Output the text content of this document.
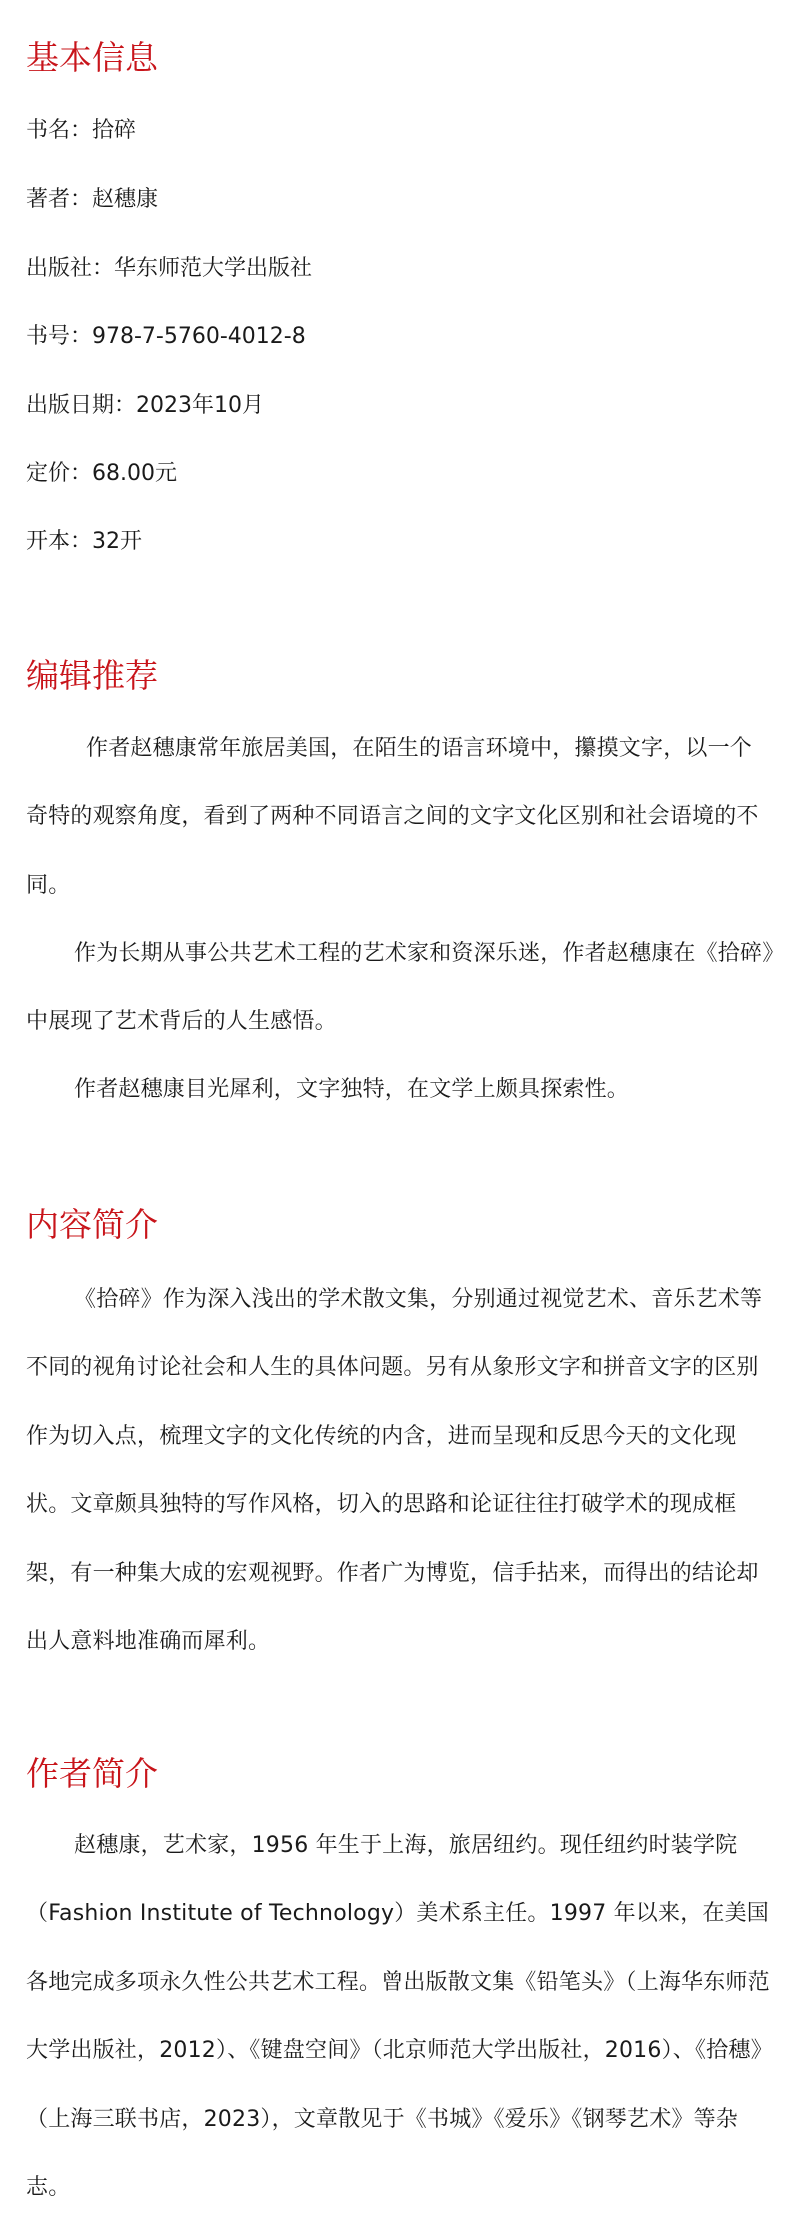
基本信息

书名：拾碎

著者：赵穗康

出版社：华东师范大学出版社

书号：978-7-5760-4012-8

出版日期：2023年10月

定价：68.00元

开本：32开

编辑推荐

作者赵穗康常年旅居美国，在陌生的语言环境中，攥摸文字，以一个奇特的观察角度，看到了两种不同语言之间的文字文化区别和社会语境的不同。

作为长期从事公共艺术工程的艺术家和资深乐迷，作者赵穗康在《拾碎》中展现了艺术背后的人生感悟。

作者赵穗康目光犀利，文字独特，在文学上颇具探索性。

内容简介

《拾碎》作为深入浅出的学术散文集，分别通过视觉艺术、音乐艺术等不同的视角讨论社会和人生的具体问题。另有从象形文字和拼音文字的区别作为切入点，梳理文字的文化传统的内含，进而呈现和反思今天的文化现状。文章颇具独特的写作风格，切入的思路和论证往往打破学术的现成框架，有一种集大成的宏观视野。作者广为博览，信手拈来，而得出的结论却出人意料地准确而犀利。

作者简介

赵穗康，艺术家，1956 年生于上海，旅居纽约。现任纽约时装学院（Fashion Institute of Technology）美术系主任。1997 年以来，在美国各地完成多项永久性公共艺术工程。曾出版散文集《铅笔头》（上海华东师范大学出版社，2012）、《键盘空间》（北京师范大学出版社，2016）、《拾穗》（上海三联书店，2023），文章散见于《书城》《爱乐》《钢琴艺术》等杂志。
